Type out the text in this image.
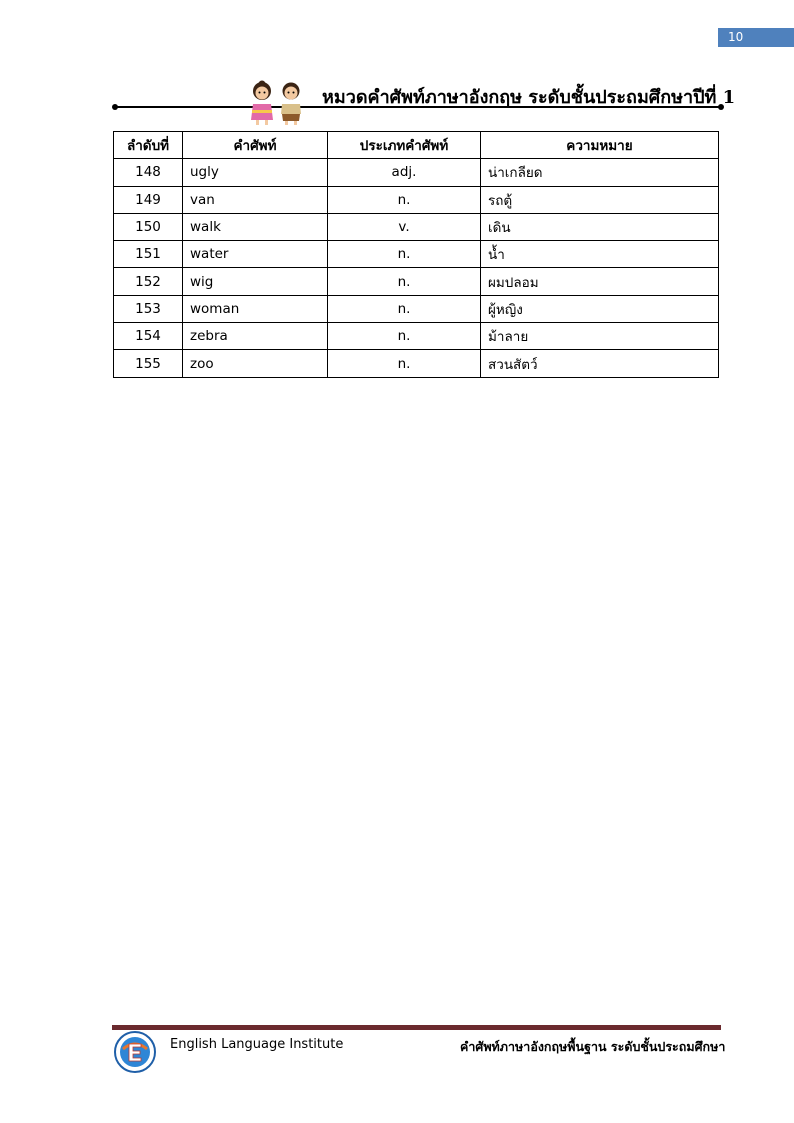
10
หมวดคำศัพท์ภาษาอังกฤษ ระดับชั้นประถมศึกษาปีที่ 1
ลำดับที่	คำศัพท์	ประเภทคำศัพท์	ความหมาย
148	ugly	adj.	น่าเกลียด
149	van	n.	รถตู้
150	walk	v.	เดิน
151	water	n.	น้ำ
152	wig	n.	ผมปลอม
153	woman	n.	ผู้หญิง
154	zebra	n.	ม้าลาย
155	zoo	n.	สวนสัตว์
English Language Institute	คำศัพท์ภาษาอังกฤษพื้นฐาน ระดับชั้นประถมศึกษา
